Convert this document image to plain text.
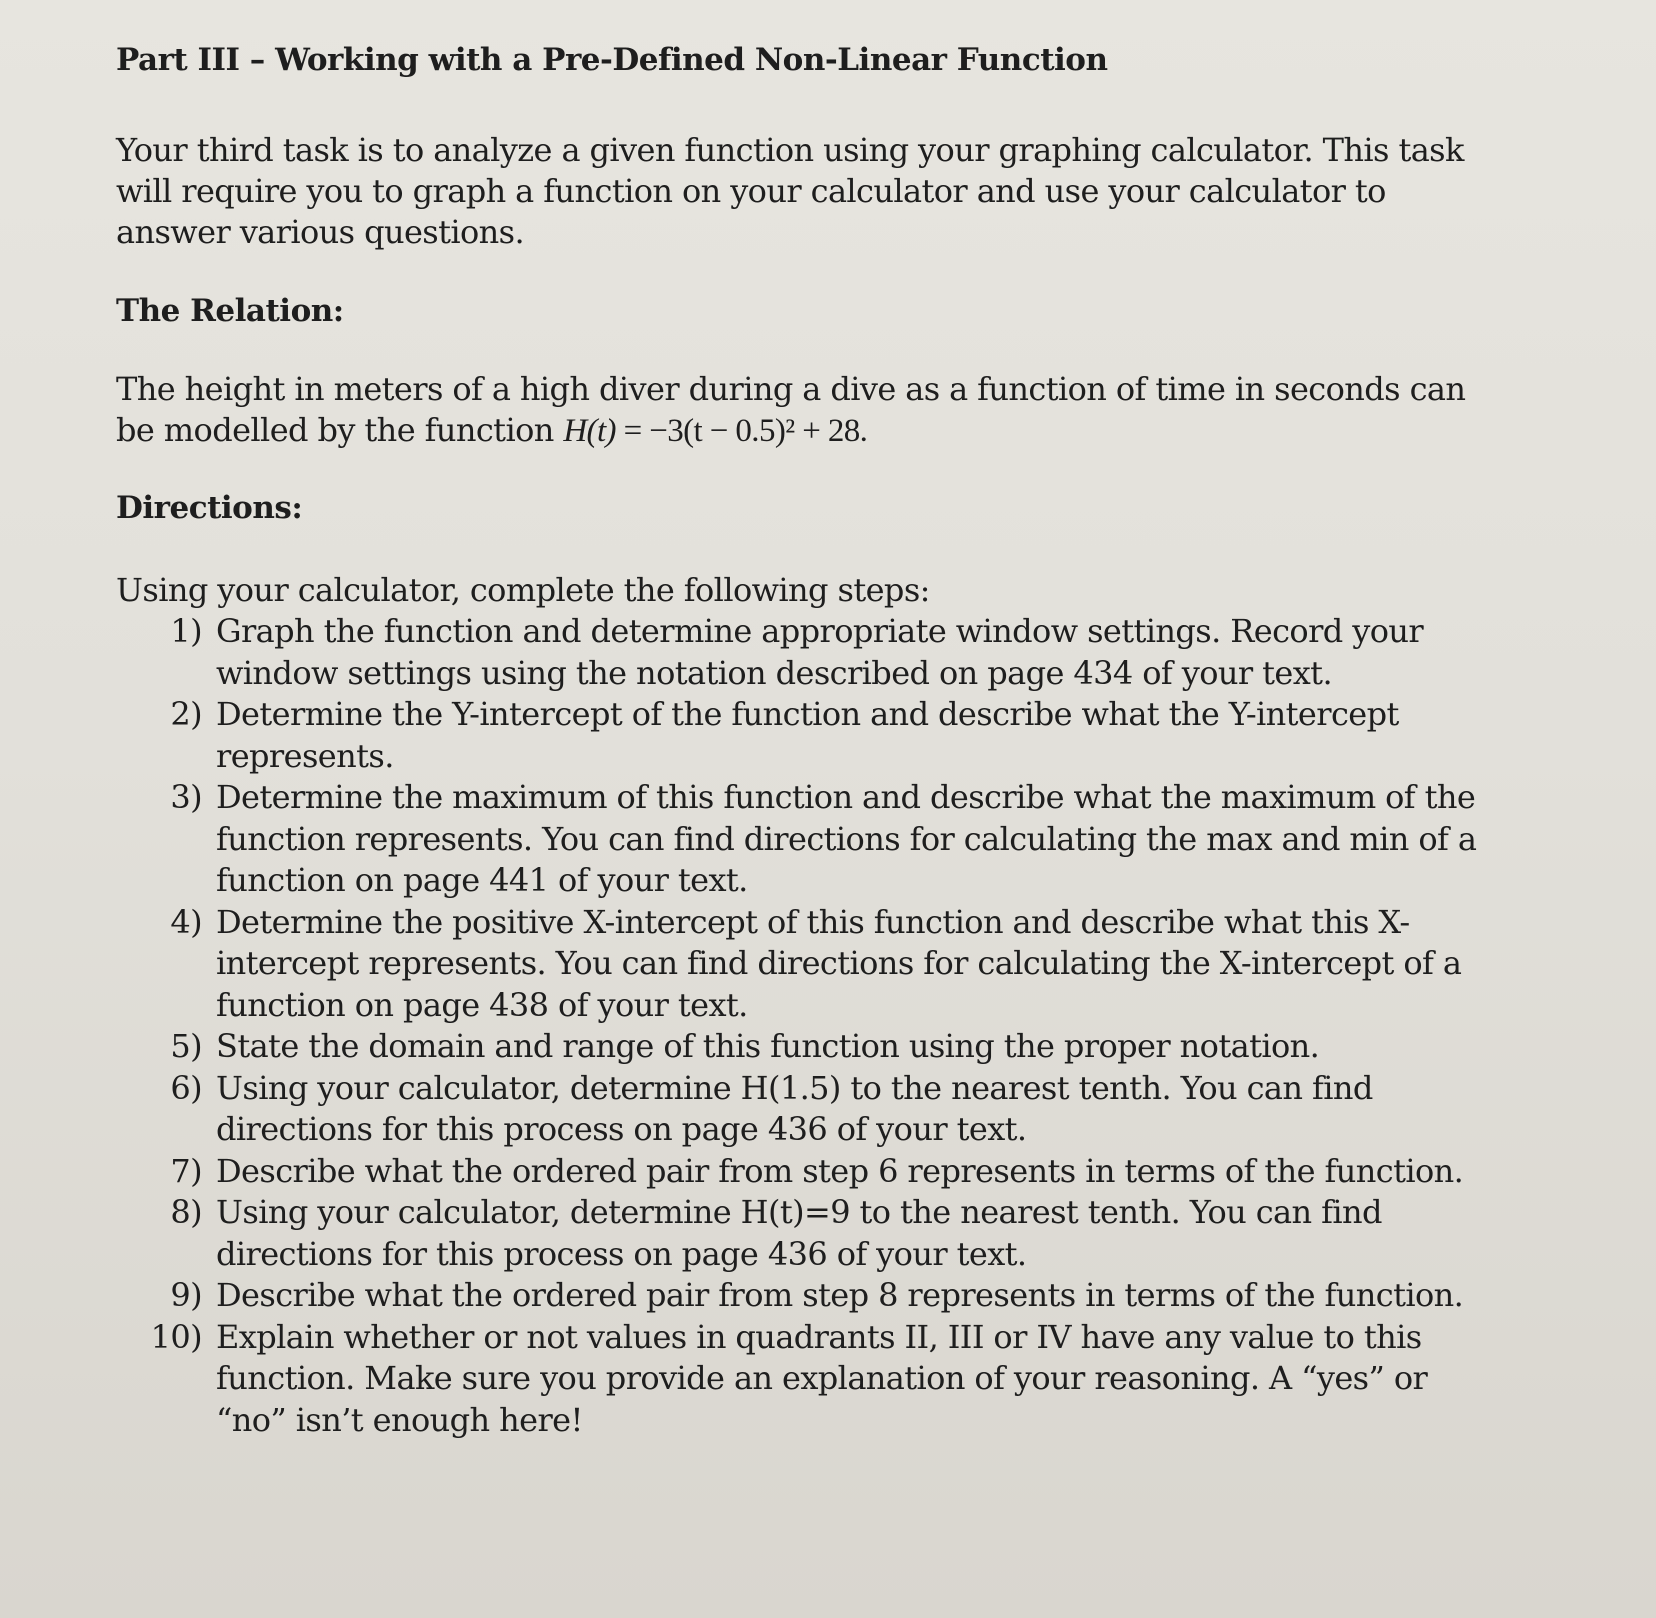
Part III – Working with a Pre-Defined Non-Linear Function

Your third task is to analyze a given function using your graphing calculator. This task will require you to graph a function on your calculator and use your calculator to answer various questions.

The Relation:

The height in meters of a high diver during a dive as a function of time in seconds can be modelled by the function H(t) = −3(t − 0.5)² + 28.

Directions:

Using your calculator, complete the following steps:

1) Graph the function and determine appropriate window settings. Record your window settings using the notation described on page 434 of your text.
2) Determine the Y-intercept of the function and describe what the Y-intercept represents.
3) Determine the maximum of this function and describe what the maximum of the function represents. You can find directions for calculating the max and min of a function on page 441 of your text.
4) Determine the positive X-intercept of this function and describe what this X-intercept represents. You can find directions for calculating the X-intercept of a function on page 438 of your text.
5) State the domain and range of this function using the proper notation.
6) Using your calculator, determine H(1.5) to the nearest tenth. You can find directions for this process on page 436 of your text.
7) Describe what the ordered pair from step 6 represents in terms of the function.
8) Using your calculator, determine H(t)=9 to the nearest tenth. You can find directions for this process on page 436 of your text.
9) Describe what the ordered pair from step 8 represents in terms of the function.
10) Explain whether or not values in quadrants II, III or IV have any value to this function. Make sure you provide an explanation of your reasoning. A “yes” or “no” isn’t enough here!
